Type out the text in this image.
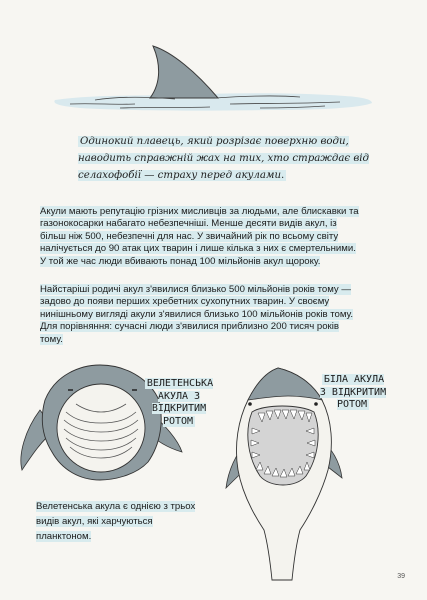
Одинокий плавець, який розрізає поверхню води, наводить справжній жах на тих, хто страждає від селахофобії — страху перед акулами.

Акули мають репутацію грізних мисливців за людьми, але блискавки та газонокосарки набагато небезпечніші. Менше десяти видів акул, із більш ніж 500, небезпечні для нас. У звичайний рік по всьому світу налічується до 90 атак цих тварин і лише кілька з них є смертельними. У той же час люди вбивають понад 100 мільйонів акул щороку.

Найстаріші родичі акул з'явилися близько 500 мільйонів років тому — задово до появи перших хребетних сухопутних тварин. У своєму нинішньому вигляді акули з'явилися близько 100 мільйонів років тому. Для порівняння: сучасні люди з'явилися приблизно 200 тисяч років тому.

ВЕЛЕТЕНСЬКА АКУЛА З ВІДКРИТИМ РОТОМ
БІЛА АКУЛА З ВІДКРИТИМ РОТОМ

Велетенська акула є однією з трьох видів акул, які харчуються планктоном.

39
